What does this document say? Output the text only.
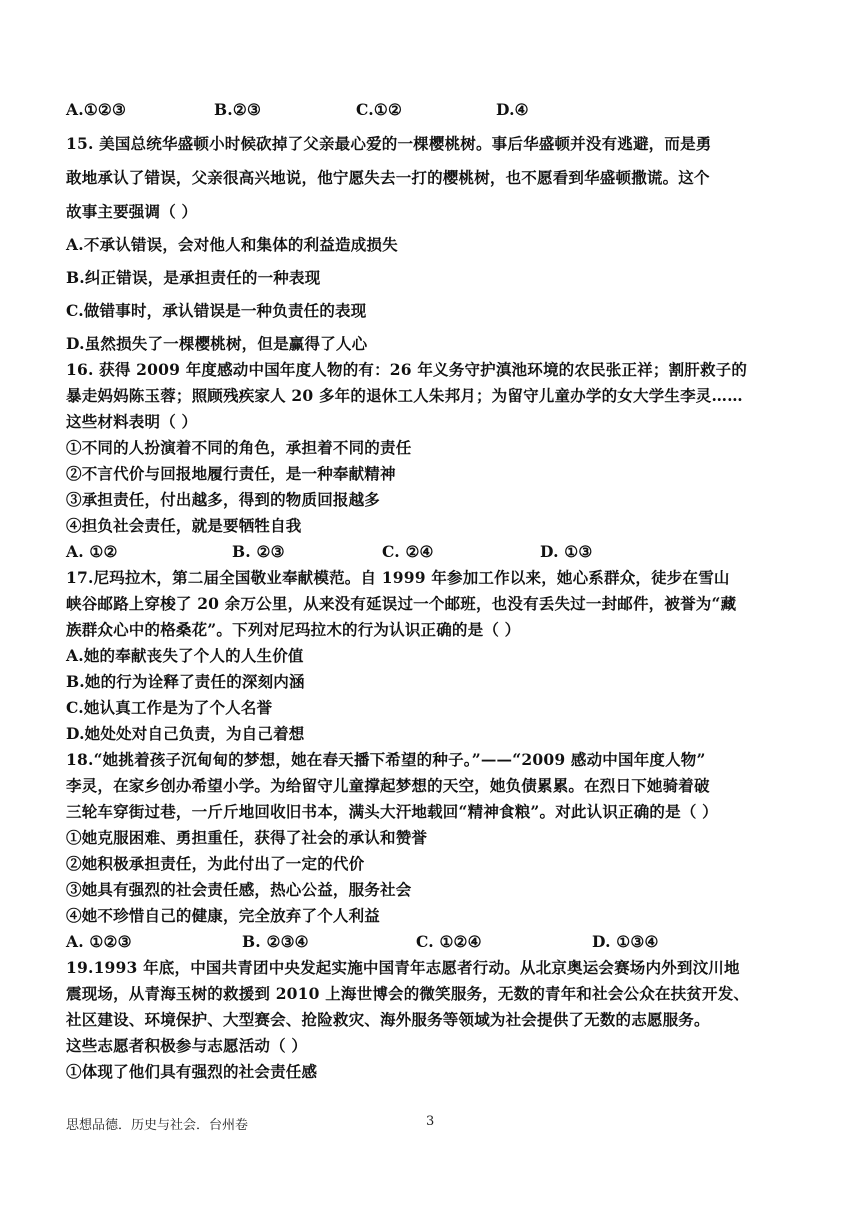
A.①②③	B.②③	C.①②	D.④
15. 美国总统华盛顿小时候砍掉了父亲最心爱的一棵樱桃树。事后华盛顿并没有逃避，而是勇
敢地承认了错误，父亲很高兴地说，他宁愿失去一打的樱桃树，也不愿看到华盛顿撒谎。这个
故事主要强调（ ）
A.不承认错误，会对他人和集体的利益造成损失
B.纠正错误，是承担责任的一种表现
C.做错事时，承认错误是一种负责任的表现
D.虽然损失了一棵樱桃树，但是赢得了人心
16. 获得 2009 年度感动中国年度人物的有：26 年义务守护滇池环境的农民张正祥；割肝救子的
暴走妈妈陈玉蓉；照顾残疾家人 20 多年的退休工人朱邦月；为留守儿童办学的女大学生李灵……
这些材料表明（ ）
①不同的人扮演着不同的角色，承担着不同的责任
②不言代价与回报地履行责任，是一种奉献精神
③承担责任，付出越多，得到的物质回报越多
④担负社会责任，就是要牺牲自我
A. ①②	B. ②③	C. ②④	D. ①③
17.尼玛拉木，第二届全国敬业奉献模范。自 1999 年参加工作以来，她心系群众，徒步在雪山
峡谷邮路上穿梭了 20 余万公里，从来没有延误过一个邮班，也没有丢失过一封邮件，被誉为“藏
族群众心中的格桑花”。下列对尼玛拉木的行为认识正确的是（ ）
A.她的奉献丧失了个人的人生价值
B.她的行为诠释了责任的深刻内涵
C.她认真工作是为了个人名誉
D.她处处对自己负责，为自己着想
18.“她挑着孩子沉甸甸的梦想，她在春天播下希望的种子。”——“2009 感动中国年度人物”
李灵，在家乡创办希望小学。为给留守儿童撑起梦想的天空，她负债累累。在烈日下她骑着破
三轮车穿街过巷，一斤斤地回收旧书本，满头大汗地载回“精神食粮”。对此认识正确的是（ ）
①她克服困难、勇担重任，获得了社会的承认和赞誉
②她积极承担责任，为此付出了一定的代价
③她具有强烈的社会责任感，热心公益，服务社会
④她不珍惜自己的健康，完全放弃了个人利益
A. ①②③	B. ②③④	C. ①②④	D. ①③④
19.1993 年底，中国共青团中央发起实施中国青年志愿者行动。从北京奥运会赛场内外到汶川地
震现场，从青海玉树的救援到 2010 上海世博会的微笑服务，无数的青年和社会公众在扶贫开发、
社区建设、环境保护、大型赛会、抢险救灾、海外服务等领域为社会提供了无数的志愿服务。
这些志愿者积极参与志愿活动（ ）
①体现了他们具有强烈的社会责任感
思想品德．历史与社会．台州卷	3
